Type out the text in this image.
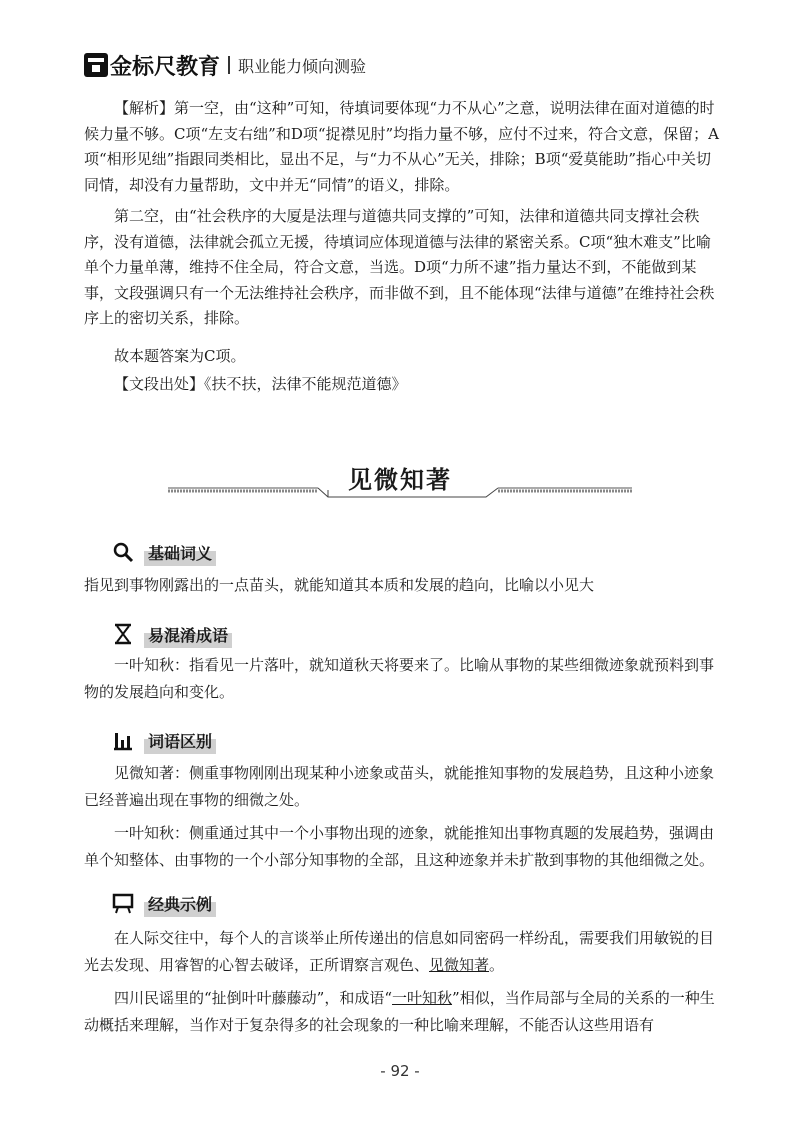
金标尺教育 职业能力倾向测验

【解析】第一空，由“这种”可知，待填词要体现“力不从心”之意，说明法律在面对道德的时候力量不够。C项“左支右绌”和D项“捉襟见肘”均指力量不够，应付不过来，符合文意，保留；A项“相形见绌”指跟同类相比，显出不足，与“力不从心”无关，排除；B项“爱莫能助”指心中关切同情，却没有力量帮助，文中并无“同情”的语义，排除。

第二空，由“社会秩序的大厦是法理与道德共同支撑的”可知，法律和道德共同支撑社会秩序，没有道德，法律就会孤立无援，待填词应体现道德与法律的紧密关系。C项“独木难支”比喻单个力量单薄，维持不住全局，符合文意，当选。D项“力所不逮”指力量达不到，不能做到某事，文段强调只有一个无法维持社会秩序，而非做不到，且不能体现“法律与道德”在维持社会秩序上的密切关系，排除。

故本题答案为C项。

【文段出处】《扶不扶，法律不能规范道德》

见微知著
基础词义

指见到事物刚露出的一点苗头，就能知道其本质和发展的趋向，比喻以小见大

易混淆成语

一叶知秋：指看见一片落叶，就知道秋天将要来了。比喻从事物的某些细微迹象就预料到事物的发展趋向和变化。

词语区别

见微知著：侧重事物刚刚出现某种小迹象或苗头，就能推知事物的发展趋势，且这种小迹象已经普遍出现在事物的细微之处。

一叶知秋：侧重通过其中一个小事物出现的迹象，就能推知出事物真题的发展趋势，强调由单个知整体、由事物的一个小部分知事物的全部，且这种迹象并未扩散到事物的其他细微之处。

经典示例

在人际交往中，每个人的言谈举止所传递出的信息如同密码一样纷乱，需要我们用敏锐的目光去发现、用睿智的心智去破译，正所谓察言观色、见微知著。

四川民谣里的“扯倒叶叶藤藤动”，和成语“一叶知秋”相似，当作局部与全局的关系的一种生动概括来理解，当作对于复杂得多的社会现象的一种比喻来理解，不能否认这些用语有

- 92 -
